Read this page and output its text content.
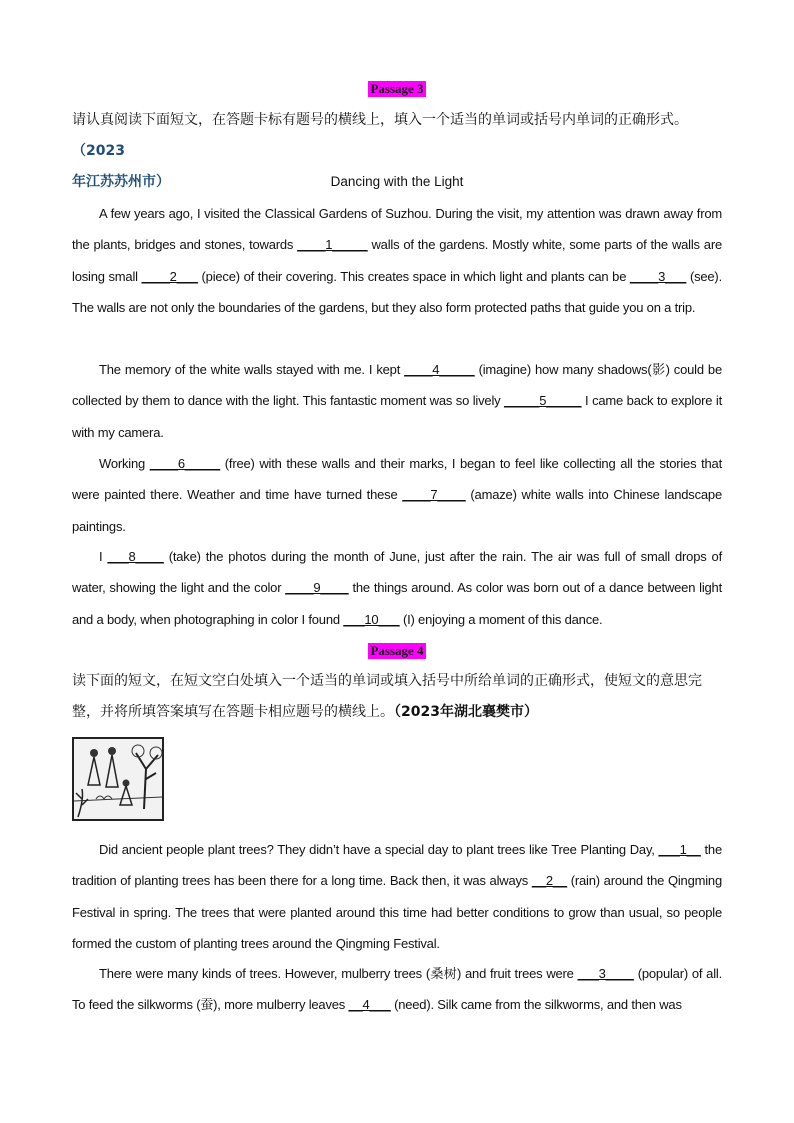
Passage 3
请认真阅读下面短文，在答题卡标有题号的横线上，填入一个适当的单词或括号内单词的正确形式。（2023
年江苏苏州市）	Dancing with the Light
A few years ago, I visited the Classical Gardens of Suzhou. During the visit, my attention was drawn away from the plants, bridges and stones, towards ____1_____ walls of the gardens. Mostly white, some parts of the walls are losing small ____2___ (piece) of their covering. This creates space in which light and plants can be ____3___ (see). The walls are not only the boundaries of the gardens, but they also form protected paths that guide you on a trip.
The memory of the white walls stayed with me. I kept ____4_____ (imagine) how many shadows(影) could be collected by them to dance with the light. This fantastic moment was so lively _____5_____ I came back to explore it with my camera.
Working ____6_____ (free) with these walls and their marks, I began to feel like collecting all the stories that were painted there. Weather and time have turned these ____7____ (amaze) white walls into Chinese landscape paintings.
I ___8____ (take) the photos during the month of June, just after the rain. The air was full of small drops of water, showing the light and the color ____9____ the things around. As color was born out of a dance between light and a body, when photographing in color I found ___10___ (I) enjoying a moment of this dance.
Passage 4
读下面的短文，在短文空白处填入一个适当的单词或填入括号中所给单词的正确形式，使短文的意思完整，并将所填答案填写在答题卡相应题号的横线上。（2023年湖北襄樊市）
Did ancient people plant trees? They didn’t have a special day to plant trees like Tree Planting Day, ___1__ the tradition of planting trees has been there for a long time. Back then, it was always __2__ (rain) around the Qingming Festival in spring. The trees that were planted around this time had better conditions to grow than usual, so people formed the custom of planting trees around the Qingming Festival.
There were many kinds of trees. However, mulberry trees (桑树) and fruit trees were ___3____ (popular) of all. To feed the silkworms (蚕), more mulberry leaves __4___ (need). Silk came from the silkworms, and then was
